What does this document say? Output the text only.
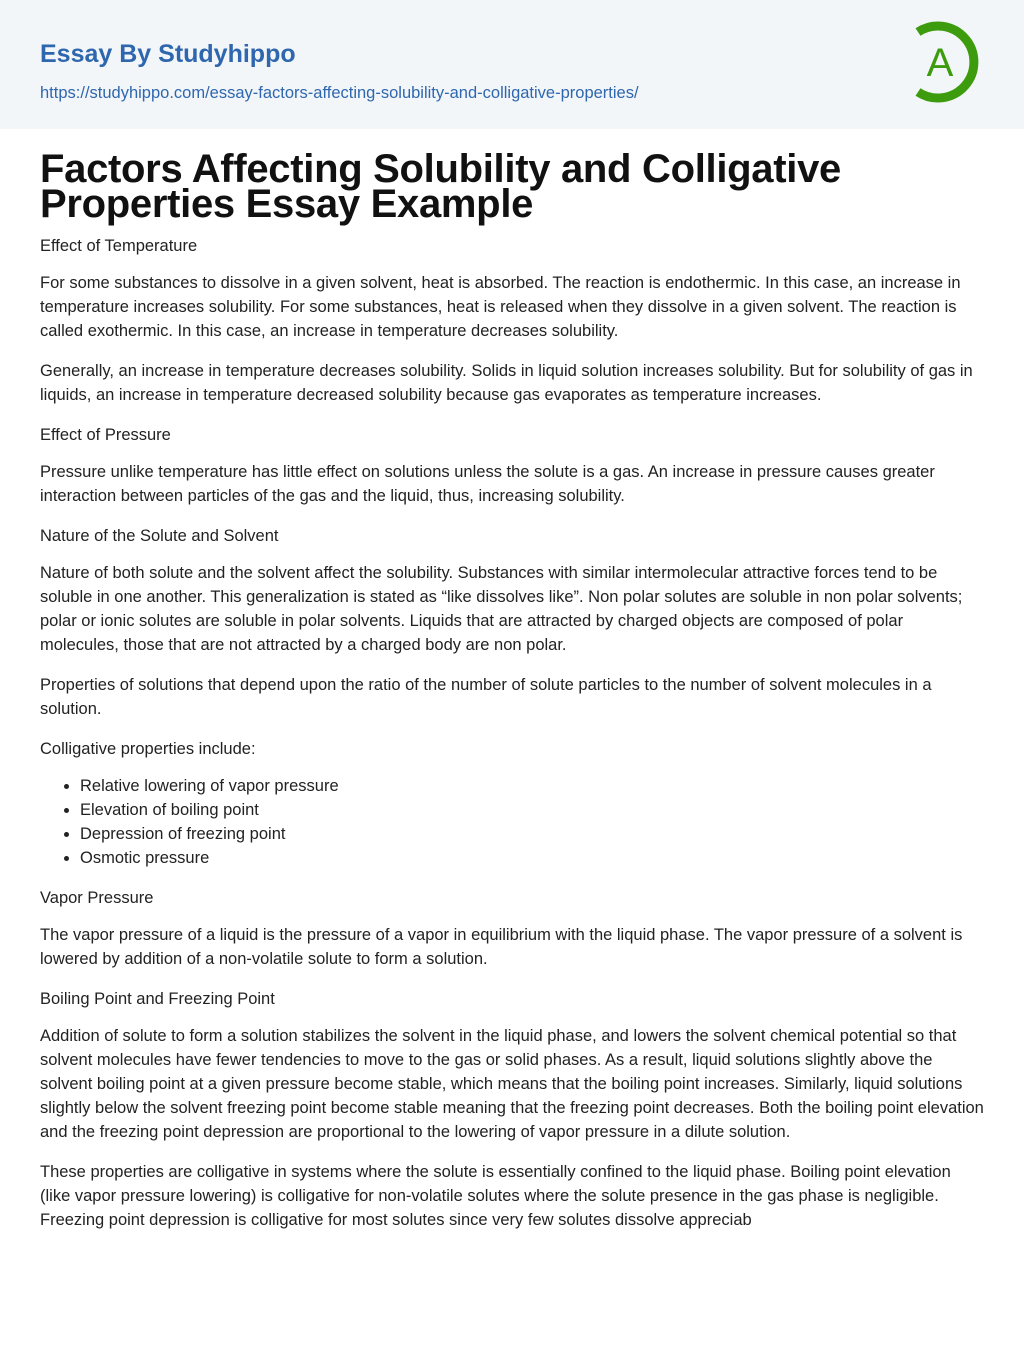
Essay By Studyhippo

https://studyhippo.com/essay-factors-affecting-solubility-and-colligative-properties/
A
Factors Affecting Solubility and Colligative Properties Essay Example

Effect of Temperature

For some substances to dissolve in a given solvent, heat is absorbed. The reaction is endothermic. In this case, an increase in temperature increases solubility. For some substances, heat is released when they dissolve in a given solvent. The reaction is called exothermic. In this case, an increase in temperature decreases solubility.

Generally, an increase in temperature decreases solubility. Solids in liquid solution increases solubility. But for solubility of gas in liquids, an increase in temperature decreased solubility because gas evaporates as temperature increases.

Effect of Pressure

Pressure unlike temperature has little effect on solutions unless the solute is a gas. An increase in pressure causes greater interaction between particles of the gas and the liquid, thus, increasing solubility.

Nature of the Solute and Solvent

Nature of both solute and the solvent affect the solubility. Substances with similar intermolecular attractive forces tend to be soluble in one another. This generalization is stated as “like dissolves like”. Non polar solutes are soluble in non polar solvents; polar or ionic solutes are soluble in polar solvents. Liquids that are attracted by charged objects are composed of polar molecules, those that are not attracted by a charged body are non polar.

Properties of solutions that depend upon the ratio of the number of solute particles to the number of solvent molecules in a solution.

Colligative properties include:

• Relative lowering of vapor pressure
• Elevation of boiling point
• Depression of freezing point
• Osmotic pressure

Vapor Pressure

The vapor pressure of a liquid is the pressure of a vapor in equilibrium with the liquid phase. The vapor pressure of a solvent is lowered by addition of a non-volatile solute to form a solution.

Boiling Point and Freezing Point

Addition of solute to form a solution stabilizes the solvent in the liquid phase, and lowers the solvent chemical potential so that solvent molecules have fewer tendencies to move to the gas or solid phases. As a result, liquid solutions slightly above the solvent boiling point at a given pressure become stable, which means that the boiling point increases. Similarly, liquid solutions slightly below the solvent freezing point become stable meaning that the freezing point decreases. Both the boiling point elevation and the freezing point depression are proportional to the lowering of vapor pressure in a dilute solution.

These properties are colligative in systems where the solute is essentially confined to the liquid phase. Boiling point elevation (like vapor pressure lowering) is colligative for non-volatile solutes where the solute presence in the gas phase is negligible. Freezing point depression is colligative for most solutes since very few solutes dissolve appreciab
